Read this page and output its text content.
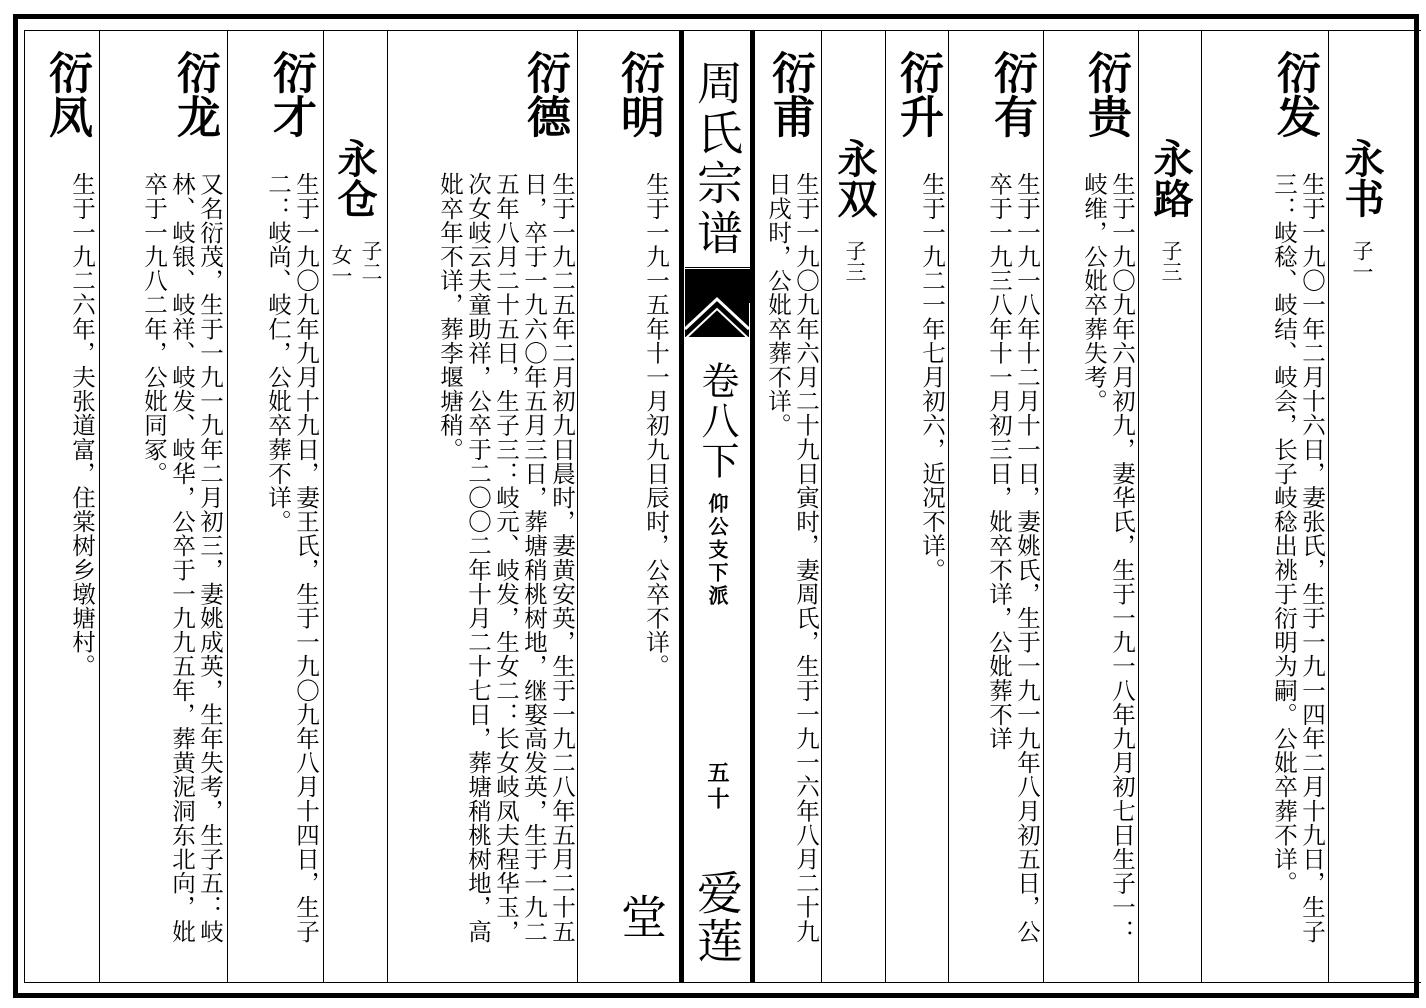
衍发
生于一九〇一年二月十六日，妻张氏，生于一九一四年二月十九日，生子三：岐稔、岐结、岐会，长子岐稔出祧于衍明为嗣。公妣卒葬不详。	永书
子一
衍贵
生于一九〇九年六月初九，妻华氏，生于一九一八年九月初七日生子一：岐维，公妣卒葬失考。 永路
子三
衍有
生于一九一八年十二月十一日，妻姚氏，生于一九一九年八月初五日，公卒于一九三八年十一月初三日，妣卒不详，公妣葬不详
衍升
生于一九二一年七月初六，近况不详。
永双
子三
衍甫
生于一九〇九年六月二十九日寅时，妻周氏，生于一九一六年八月二十九日戌时，公妣卒葬不详。
周氏宗谱
卷八下
仰公支下派
五十
爱莲堂
衍明
生于一九一五年十一月初九日辰时，公卒不详。
衍德
生于一九二五年二月初九日晨时，妻黄安英，生于一九二八年五月二十五日，卒于一九六〇年五月三日，葬塘稍桃树地，继娶高发英，生于一九二五年八月二十五日，生子三：岐元、岐发，生女二：长女岐凤夫程华玉，次女岐云夫童助祥，公卒于二〇〇二年十月二十七日，葬塘稍桃树地，高妣卒年不详，葬李堰塘稍。
永仓
子二
女一
衍才
生于一九〇九年九月十九日，妻王氏，生于一九〇九年八月十四日，生子二：岐尚、岐仁，公妣卒葬不详。
衍龙
又名衍茂，生于一九一九年二月初三，妻姚成英，生年失考，生子五：岐林、岐银、岐祥、岐发、岐华，公卒于一九九五年，葬黄泥洞东北向，妣卒于一九八二年，公妣同冢。
衍凤
生于一九二六年，夫张道富，住棠树乡墩塘村。
